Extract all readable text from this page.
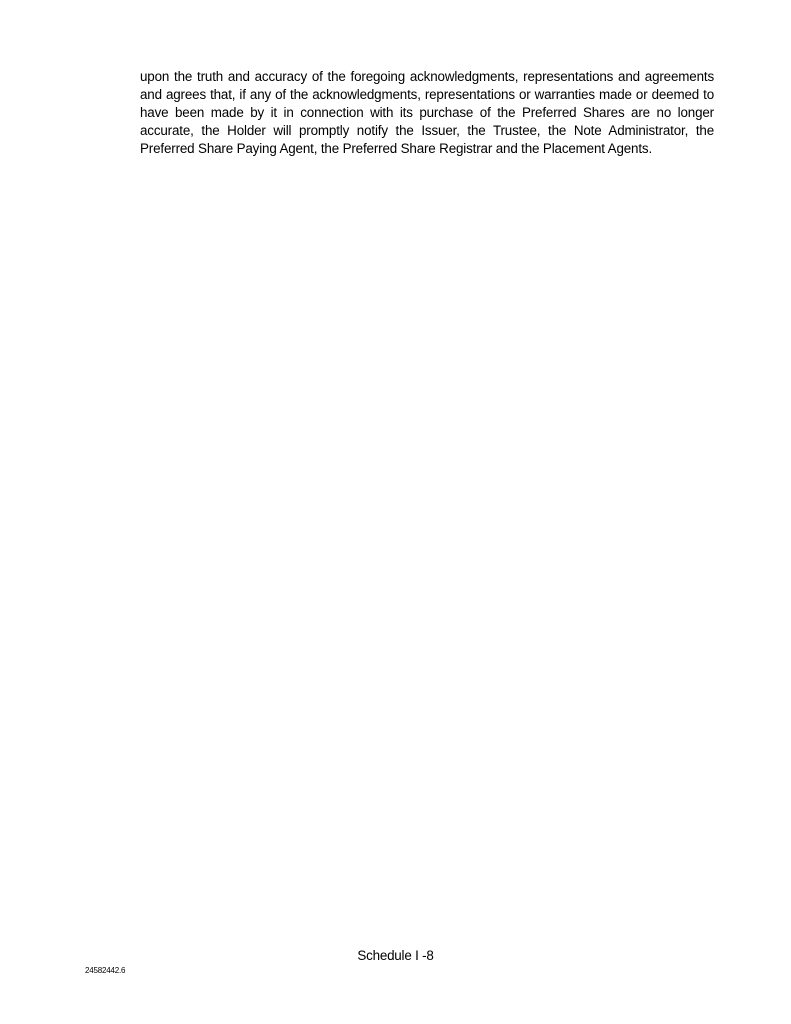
upon the truth and accuracy of the foregoing acknowledgments, representations and agreements and agrees that, if any of the acknowledgments, representations or warranties made or deemed to have been made by it in connection with its purchase of the Preferred Shares are no longer accurate, the Holder will promptly notify the Issuer, the Trustee, the Note Administrator, the Preferred Share Paying Agent, the Preferred Share Registrar and the Placement Agents.

Schedule I -8
24582442.6
